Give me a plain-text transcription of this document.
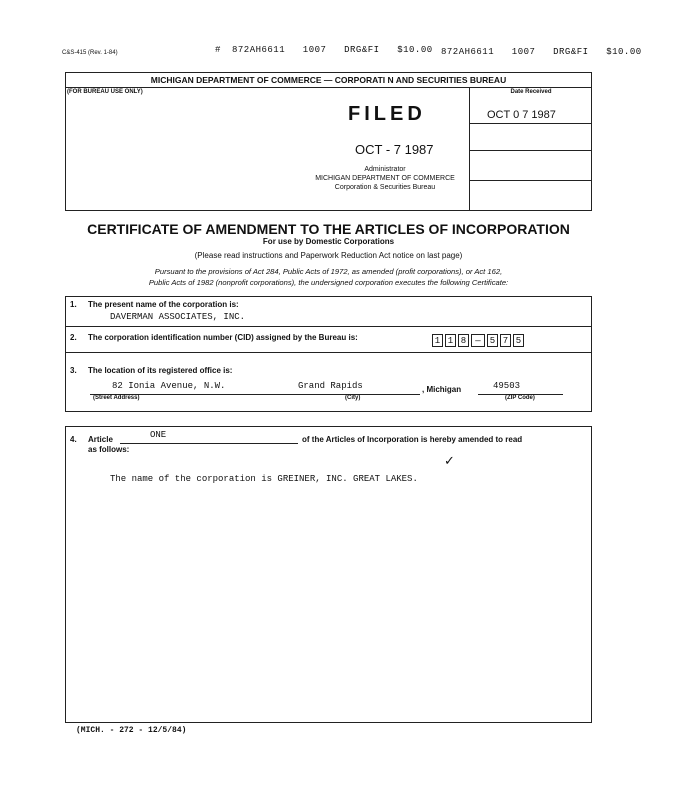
C&S-415 (Rev. 1-84)	# 872AH6611   1007   DRG&FI   $10.00 872AH6611   1007   DRG&FI   $10.00
MICHIGAN DEPARTMENT OF COMMERCE — CORPORATI N AND SECURITIES BUREAU
(FOR BUREAU USE ONLY)	Date Received
OCT 0 7 1987
FILED
OCT - 7 1987
Administrator
MICHIGAN DEPARTMENT OF COMMERCE
Corporation & Securities Bureau
CERTIFICATE OF AMENDMENT TO THE ARTICLES OF INCORPORATION
For use by Domestic Corporations
(Please read instructions and Paperwork Reduction Act notice on last page)
Pursuant to the provisions of Act 284, Public Acts of 1972, as amended (profit corporations), or Act 162,
Public Acts of 1982 (nonprofit corporations), the undersigned corporation executes the following Certificate:
1. The present name of the corporation is:
DAVERMAN ASSOCIATES, INC.
2. The corporation identification number (CID) assigned by the Bureau is:	1 1 8 — 5 7 5
3. The location of its registered office is:
82 Ionia Avenue, N.W.	Grand Rapids	, Michigan	49503
(Street Address)	(City)	(ZIP Code)
4. Article	ONE	of the Articles of Incorporation is hereby amended to read
as follows:
✓
The name of the corporation is GREINER, INC. GREAT LAKES.
(MICH. - 272 - 12/5/84)
